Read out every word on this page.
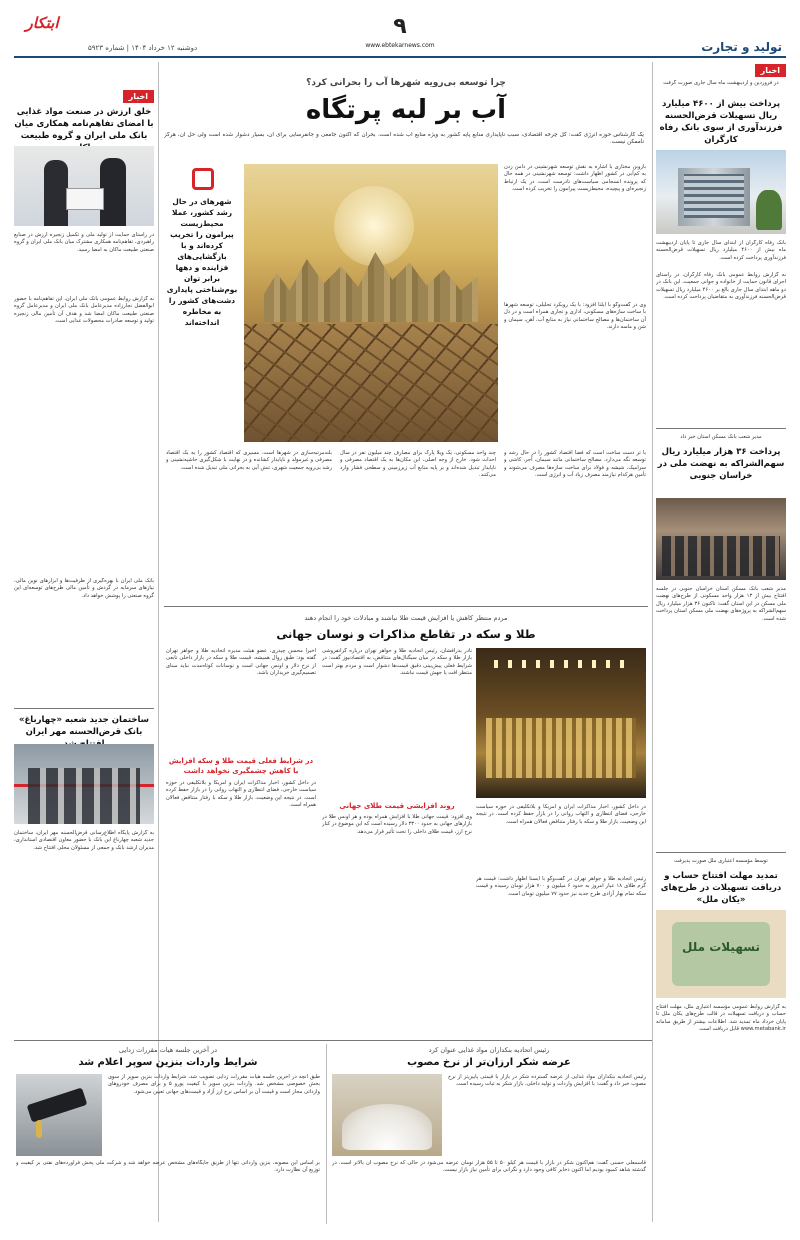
ابتکار	۹
www.ebtekarnews.com
دوشنبه ۱۲ خرداد ۱۴۰۴ | شماره ۵۹۲۳	تولید و تجارت
اخبار
در فروردین و اردیبهشت ماه سال جاری صورت گرفت
پرداخت بیش از ۴۶۰۰ میلیارد ریال تسهیلات قرض‌الحسنه فرزندآوری از سوی بانک رفاه کارگران
بانک رفاه کارگران از ابتدای سال جاری تا پایان اردیبهشت ماه بیش از ۴۶۰۰ میلیارد ریال تسهیلات قرض‌الحسنه فرزندآوری پرداخت کرده است.
به گزارش روابط عمومی بانک رفاه کارگران، در راستای اجرای قانون حمایت از خانواده و جوانی جمعیت، این بانک در دو ماهه ابتدای سال جاری بالغ بر ۴۶۰۰ میلیارد ریال تسهیلات قرض‌الحسنه فرزندآوری به متقاضیان پرداخت کرده است.
مدیر شعب بانک مسکن استان خبر داد
پرداخت ۳۶ هزار میلیارد ریال سهم‌الشراکه به نهضت ملی در خراسان جنوبی
مدیر شعب بانک مسکن استان خراسان جنوبی در جلسه افتتاح بیش از ۱۳ هزار واحد مسکونی از طرح‌های نهضت ملی مسکن در این استان گفت: تاکنون ۳۶ هزار میلیارد ریال سهم‌الشراکه به پروژه‌های نهضت ملی مسکن استان پرداخت شده است.
توسط مؤسسه اعتباری ملل صورت پذیرفت
تمدید مهلت افتتاح حساب و دریافت تسهیلات در طرح‌های «یکان ملل»
تسهیلات ملل
به گزارش روابط عمومی مؤسسه اعتباری ملل، مهلت افتتاح حساب و دریافت تسهیلات در قالب طرح‌های یکان ملل تا پایان خرداد ماه تمدید شد. اطلاعات بیشتر از طریق سامانه www.metabank.ir قابل دریافت است.
اخبار
خلق ارزش در صنعت مواد غذایی با امضای تفاهم‌نامه همکاری میان بانک ملی ایران و گروه طبیعت
در راستای حمایت از تولید ملی و تکمیل زنجیره ارزش در صنایع راهبردی، تفاهم‌نامه همکاری مشترک میان بانک ملی ایران و گروه صنعتی طبیعت ماکان به امضا رسید.
به گزارش روابط عمومی بانک ملی ایران، این تفاهم‌نامه با حضور ابوالفضل نجارزاده مدیرعامل بانک ملی ایران و مدیرعامل گروه صنعتی طبیعت ماکان امضا شد و هدف آن تأمین مالی زنجیره تولید و توسعه صادرات محصولات غذایی است.
بانک ملی ایران با بهره‌گیری از ظرفیت‌ها و ابزارهای نوین مالی، نیازهای سرمایه در گردش و تأمین مالی طرح‌های توسعه‌ای این گروه صنعتی را پوشش خواهد داد.
ساختمان جدید شعبه «چهارباغ» بانک قرض‌الحسنه مهر ایران
به گزارش پایگاه اطلاع‌رسانی قرض‌الحسنه مهر ایران، ساختمان جدید شعبه چهارباغ این بانک با حضور معاون اقتصادی استانداری، مدیران ارشد بانک و جمعی از مسئولان محلی افتتاح شد.
چرا توسعه بی‌رویه شهرها آب را بحرانی کرد؟
آب بر لبه پرتگاه
یک کارشناس حوزه انرژی گفت: کل چرخه اقتصادی، سبب ناپایداری منابع پایه کشور به ویژه منابع آب شده است. بحران که اکنون جامعی و جانفرسایی برای آن، بسیار دشوار شده است ولی حل آن، هرگز ناممکن نیست.
شهرهای در حال رشد کشور، عملا محیط‌زیست پیرامون را تخریب کرده‌اند و با بازگشایی‌های فزاینده و دهها برابر توان بوم‌شناختی پایداری دشت‌های کشور را به مخاطره انداخته‌اند
بازوبن مختاری با اشاره به نقش توسعه شهرنشینی در دامن زدن به کم‌آبی در کشور اظهار داشت: توسعه شهرنشینی در همه حال که پرونده انسجامی سیاست‌های نادرست است، در یک ارتباط زنجیره‌ای و پیچیده، محیط‌زیست پیرامون را تخریب کرده است.
وی در گفت‌وگو با ایلنا افزود: با یک رویکرد تحلیلی، توسعه شهرها با ساخت سازه‌های مسکونی، اداری و تجاری همراه است و در دل آن ساختمان‌ها و مصالح ساختمانی نیاز به منابع آب، آهن، سیمان و شن و ماسه دارند.
با تر دست ساخت است که فضا اقتصاد کشور را در حال رشد و توسعه نگه می‌دارد. مصالح ساختمانی مانند سیمان، آجر، کاشی و سرامیک، شیشه و فولاد برای ساخت سازه‌ها مصرف می‌شوند و تأمین هرکدام نیازمند مصرف زیاد آب و انرژی است.
چند واحد مسکونی، یک ویلا پارک برای مصارف چند میلیون نفر در سال احداث شود. خارج از وجه اصلی، این مکان‌ها به یک اقتصاد مصرفی و ناپایدار تبدیل شده‌اند و بر پایه منابع آب زیرزمینی و سطحی فشار وارد می‌کنند.
بلندمرتبه‌سازی در شهرها است. مسیری که اقتصاد کشور را به یک اقتصاد مصرفی و غیرمولد و ناپایدار کشانده و در نهایت با شکل‌گیری حاشیه‌نشینی و رشد بی‌رویه جمعیت شهری، تنش آبی به بحرانی ملی تبدیل شده است.
مردم منتظر کاهش یا افزایش قیمت طلا نباشند و مبادلات خود را انجام دهند
طلا و سکه در تقاطع مذاکرات و نوسان جهانی
در داخل کشور، اخبار مذاکرات ایران و آمریکا و بلاتکلیفی در حوزه سیاست خارجی، فضای انتظاری و التهاب روانی را در بازار حفظ کرده است. در نتیجه این وضعیت، بازار طلا و سکه با رفتار متناقض فعالان همراه است.
رئیس اتحادیه طلا و جواهر تهران در گفت‌وگو با ایسنا اظهار داشت: قیمت هر گرم طلای ۱۸ عیار امروز به حدود ۶ میلیون و ۷۰۰ هزار تومان رسیده و قیمت سکه تمام بهار آزادی طرح جدید نیز حدود ۷۷ میلیون تومان است.
نادر بذرافشان، رئیس اتحادیه طلا و جواهر تهران درباره گرانفروشی بازار طلا و سکه در میان سیگنال‌های متناقض، به اقتصادنیوز گفت: در شرایط فعلی پیش‌بینی دقیق قیمت‌ها دشوار است و مردم بهتر است منتظر افت یا جهش قیمت نباشند.
روند افزایشی قیمت طلای جهانی
وی افزود: قیمت جهانی طلا با افزایش همراه بوده و هر اونس طلا در بازارهای جهانی به حدود ۳۳۰۰ دلار رسیده است که این موضوع در کنار نرخ ارز، قیمت طلای داخلی را تحت تأثیر قرار می‌دهد.
اخیراً محسن چیذری، عضو هیئت مدیره اتحادیه طلا و جواهر تهران گفته بود: طبق روال همیشه، قیمت طلا و سکه در بازار داخلی تابعی از نرخ دلار و اونس جهانی است و نوسانات کوتاه‌مدت نباید مبنای تصمیم‌گیری خریداران باشد.
در شرایط فعلی قیمت طلا و سکه افزایش یا کاهش چشمگیری نخواهد داشت
در داخل کشور، اخبار مذاکرات ایران و آمریکا و بلاتکلیفی در حوزه سیاست خارجی، فضای انتظاری و التهاب روانی را در بازار حفظ کرده است. در نتیجه این وضعیت، بازار طلا و سکه با رفتار متناقض فعالان همراه است.
رئیس اتحادیه بنکداران مواد غذایی عنوان کرد
عرضه شکر ارزان‌تر از نرخ مصوب
رئیس اتحادیه بنکداران مواد غذایی از عرضه گسترده شکر در بازار با قیمتی پایین‌تر از نرخ مصوب خبر داد و گفت: با افزایش واردات و تولید داخلی، بازار شکر به ثبات رسیده است.
قاسمعلی حسنی گفت: هم‌اکنون شکر در بازار با قیمت هر کیلو ۵۰ تا ۵۵ هزار تومان عرضه می‌شود در حالی که نرخ مصوب آن بالاتر است. در گذشته شاهد کمبود بودیم اما اکنون ذخایر کافی وجود دارد و نگرانی برای تأمین نیاز بازار نیست.
در آخرین جلسه هیات مقررات زدایی
شرایط واردات بنزین سوپر اعلام شد
طبق آنچه در آخرین جلسه هیات مقررات زدایی تصویب شد، شرایط واردات بنزین سوپر از سوی بخش خصوصی مشخص شد. واردات بنزین سوپر با کیفیت یورو ۵ و برای مصرف خودروهای وارداتی مجاز است و قیمت آن بر اساس نرخ ارز آزاد و قیمت‌های جهانی تعیین می‌شود.
بر اساس این مصوبه، بنزین وارداتی تنها از طریق جایگاه‌های مشخص عرضه خواهد شد و شرکت ملی پخش فرآورده‌های نفتی بر کیفیت و توزیع آن نظارت دارد.
